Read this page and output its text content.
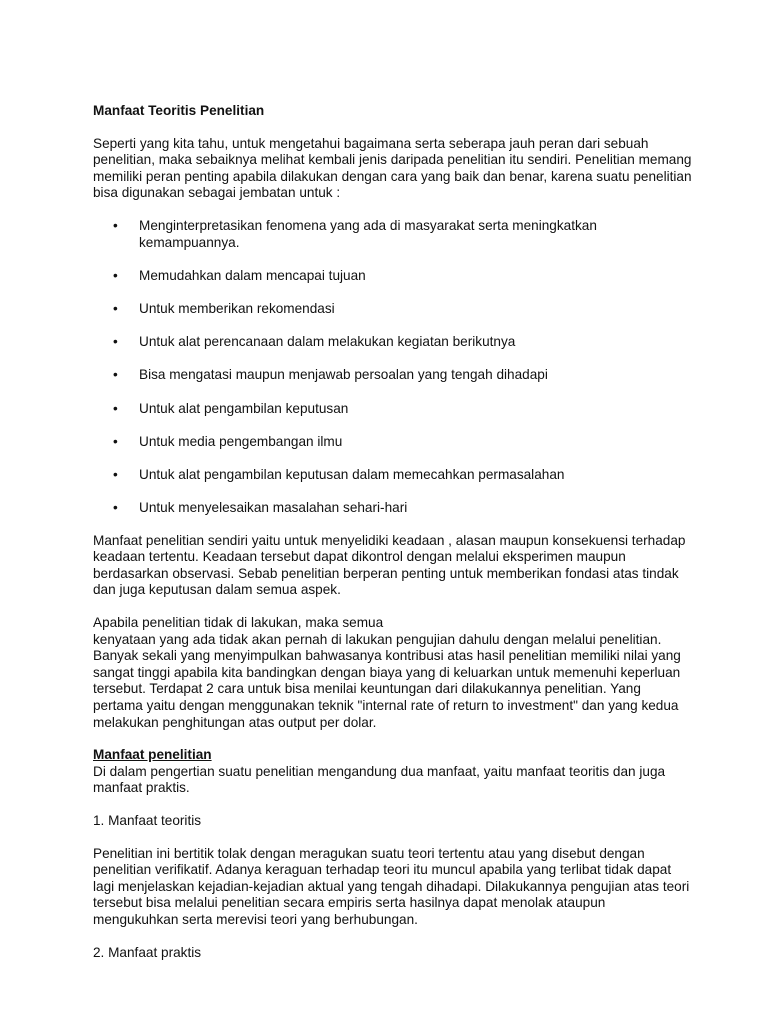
Manfaat Teoritis Penelitian
Seperti yang kita tahu, untuk mengetahui bagaimana serta seberapa jauh peran dari sebuah penelitian, maka sebaiknya melihat kembali jenis daripada penelitian itu sendiri. Penelitian memang memiliki peran penting apabila dilakukan dengan cara yang baik dan benar, karena suatu penelitian bisa digunakan sebagai jembatan untuk :
• Menginterpretasikan fenomena yang ada di masyarakat serta meningkatkan kemampuannya.
• Memudahkan dalam mencapai tujuan
• Untuk memberikan rekomendasi
• Untuk alat perencanaan dalam melakukan kegiatan berikutnya
• Bisa mengatasi maupun menjawab persoalan yang tengah dihadapi
• Untuk alat pengambilan keputusan
• Untuk media pengembangan ilmu
• Untuk alat pengambilan keputusan dalam memecahkan permasalahan
• Untuk menyelesaikan masalahan sehari-hari
Manfaat penelitian sendiri yaitu untuk menyelidiki keadaan , alasan maupun konsekuensi terhadap keadaan tertentu. Keadaan tersebut dapat dikontrol dengan melalui eksperimen maupun berdasarkan observasi. Sebab penelitian berperan penting untuk memberikan fondasi atas tindak dan juga keputusan dalam semua aspek.
Apabila penelitian tidak di lakukan, maka semua
kenyataan yang ada tidak akan pernah di lakukan pengujian dahulu dengan melalui penelitian. Banyak sekali yang menyimpulkan bahwasanya kontribusi atas hasil penelitian memiliki nilai yang sangat tinggi apabila kita bandingkan dengan biaya yang di keluarkan untuk memenuhi keperluan tersebut. Terdapat 2 cara untuk bisa menilai keuntungan dari dilakukannya penelitian. Yang pertama yaitu dengan menggunakan teknik "internal rate of return to investment" dan yang kedua melakukan penghitungan atas output per dolar.
Manfaat penelitian
Di dalam pengertian suatu penelitian mengandung dua manfaat, yaitu manfaat teoritis dan juga manfaat praktis.
1. Manfaat teoritis
Penelitian ini bertitik tolak dengan meragukan suatu teori tertentu atau yang disebut dengan penelitian verifikatif. Adanya keraguan terhadap teori itu muncul apabila yang terlibat tidak dapat lagi menjelaskan kejadian-kejadian aktual yang tengah dihadapi. Dilakukannya pengujian atas teori tersebut bisa melalui penelitian secara empiris serta hasilnya dapat menolak ataupun mengukuhkan serta merevisi teori yang berhubungan.
2. Manfaat praktis
